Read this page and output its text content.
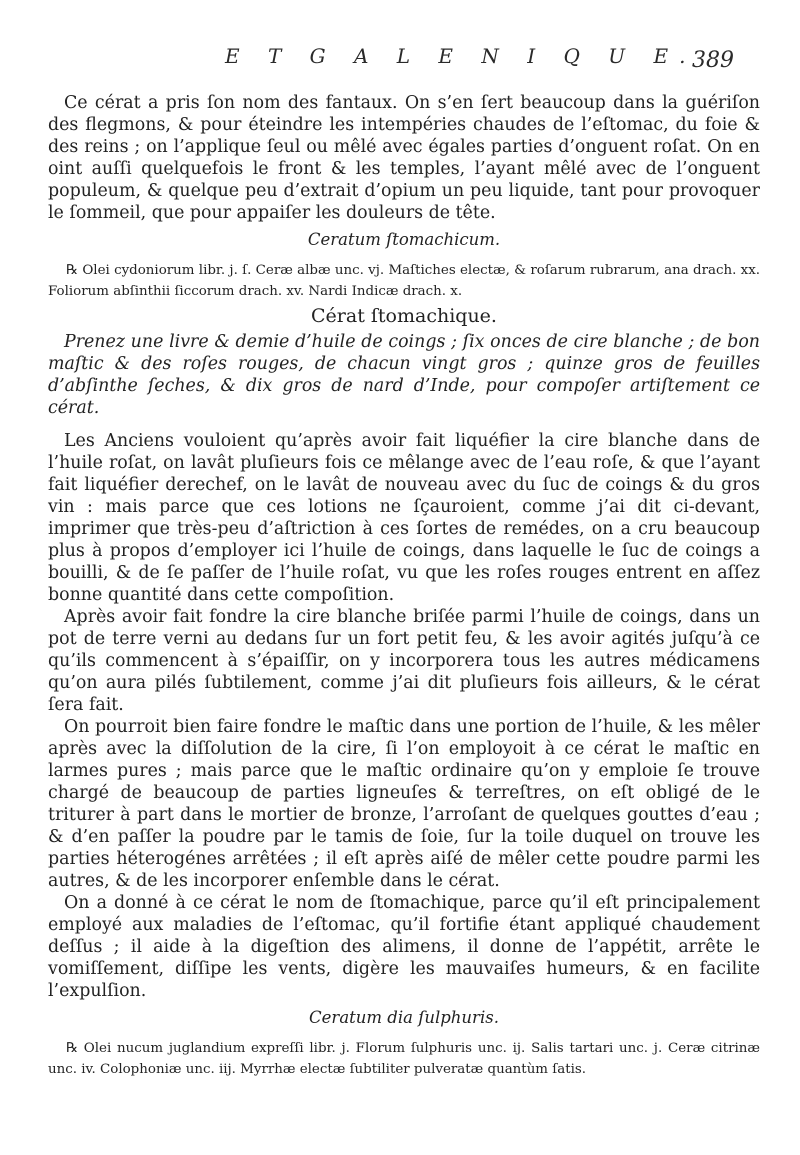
E T G A L E N I Q U E.
389

Ce cérat a pris ſon nom des fantaux. On s’en ſert beaucoup dans la guériſon des flegmons, & pour éteindre les intempéries chaudes de l’eſtomac, du foie & des reins ; on l’applique ſeul ou mêlé avec égales parties d’onguent roſat. On en oint auſſi quelquefois le front & les temples, l’ayant mêlé avec de l’onguent populeum, & quelque peu d’extrait d’opium un peu liquide, tant pour provoquer le ſommeil, que pour appaiſer les douleurs de tête.

Ceratum ſtomachicum.

℞ Olei cydoniorum libr. j. ſ. Ceræ albæ unc. vj. Maſtiches electæ, & roſarum rubrarum, ana drach. xx. Foliorum abſinthii ſiccorum drach. xv. Nardi Indicæ drach. x.

Cérat ſtomachique.

Prenez une livre & demie d’huile de coings ; ſix onces de cire blanche ; de bon maſtic & des roſes rouges, de chacun vingt gros ; quinze gros de feuilles d’abſinthe ſeches, & dix gros de nard d’Inde, pour compoſer artiſtement ce cérat.

Les Anciens vouloient qu’après avoir fait liquéfier la cire blanche dans de l’huile roſat, on lavât pluſieurs fois ce mêlange avec de l’eau roſe, & que l’ayant fait liquéfier derechef, on le lavât de nouveau avec du ſuc de coings & du gros vin : mais parce que ces lotions ne ſçauroient, comme j’ai dit ci-devant, imprimer que très-peu d’aſtriction à ces ſortes de remédes, on a cru beaucoup plus à propos d’employer ici l’huile de coings, dans laquelle le ſuc de coings a bouilli, & de ſe paſſer de l’huile roſat, vu que les roſes rouges entrent en aſſez bonne quantité dans cette compoſition.

Après avoir fait fondre la cire blanche briſée parmi l’huile de coings, dans un pot de terre verni au dedans ſur un fort petit feu, & les avoir agités juſqu’à ce qu’ils commencent à s’épaiſſir, on y incorporera tous les autres médicamens qu’on aura pilés ſubtilement, comme j’ai dit pluſieurs fois ailleurs, & le cérat ſera fait.

On pourroit bien faire fondre le maſtic dans une portion de l’huile, & les mêler après avec la diſſolution de la cire, ſi l’on employoit à ce cérat le maſtic en larmes pures ; mais parce que le maſtic ordinaire qu’on y emploie ſe trouve chargé de beaucoup de parties ligneuſes & terreſtres, on eſt obligé de le triturer à part dans le mortier de bronze, l’arroſant de quelques gouttes d’eau ; & d’en paſſer la poudre par le tamis de ſoie, ſur la toile duquel on trouve les parties héterogénes arrêtées ; il eſt après aiſé de mêler cette poudre parmi les autres, & de les incorporer enſemble dans le cérat.

On a donné à ce cérat le nom de ſtomachique, parce qu’il eſt principalement employé aux maladies de l’eſtomac, qu’il fortifie étant appliqué chaudement deſſus ; il aide à la digeſtion des alimens, il donne de l’appétit, arrête le vomiſſement, diſſipe les vents, digère les mauvaiſes humeurs, & en facilite l’expulſion.

Ceratum dia ſulphuris.

℞ Olei nucum juglandium expreſſi libr. j. Florum ſulphuris unc. ij. Salis tartari unc. j. Ceræ citrinæ unc. iv. Colophoniæ unc. iij. Myrrhæ electæ ſubtiliter pulveratæ quantùm ſatis.
